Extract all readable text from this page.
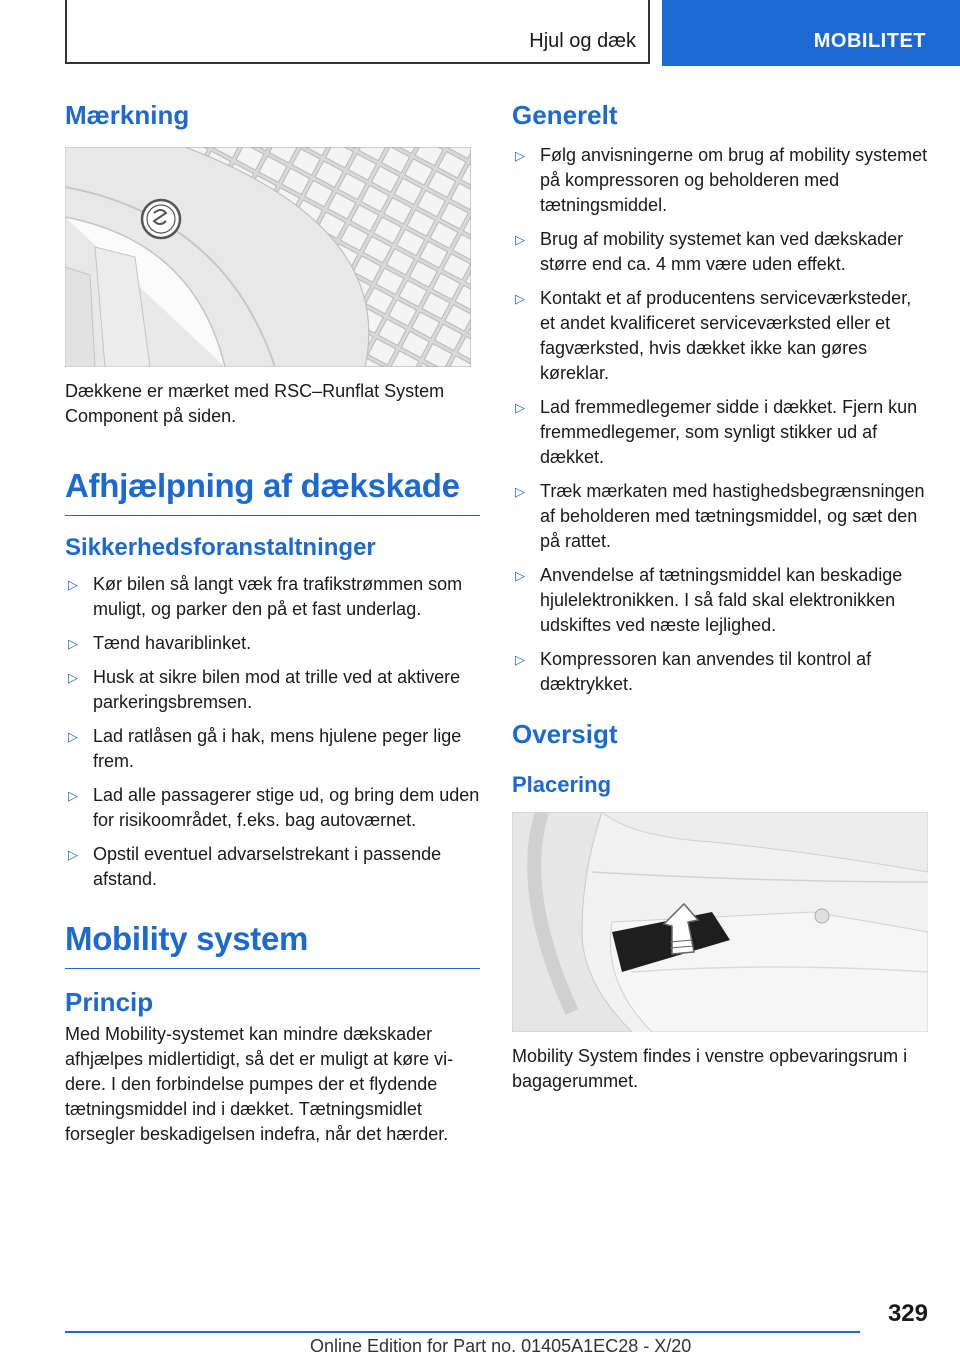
Hjul og dæk	MOBILITET
Mærkning

Dækkene er mærket med RSC–Runflat System Component på siden.

Afhjælpning af dækskade
Sikkerhedsforanstaltninger
▷ Kør bilen så langt væk fra trafikstrømmen som muligt, og parker den på et fast underlag.
▷ Tænd havariblinket.
▷ Husk at sikre bilen mod at trille ved at aktivere parkeringsbremsen.
▷ Lad ratlåsen gå i hak, mens hjulene peger lige frem.
▷ Lad alle passagerer stige ud, og bring dem uden for risikoområdet, f.eks. bag autoværnet.
▷ Opstil eventuel advarselstrekant i passende afstand.
Mobility system
Princip

Med Mobility-systemet kan mindre dækskader afhjælpes midlertidigt, så det er muligt at køre videre. I den forbindelse pumpes der et flydende tætningsmiddel ind i dækket. Tætningsmidlet forsegler beskadigelsen indefra, når det hærder.

Generelt
▷ Følg anvisningerne om brug af mobility systemet på kompressoren og beholderen med tætningsmiddel.
▷ Brug af mobility systemet kan ved dækskader større end ca. 4 mm være uden effekt.
▷ Kontakt et af producentens serviceværksteder, et andet kvalificeret serviceværksted eller et fagværksted, hvis dækket ikke kan gøres køreklar.
▷ Lad fremmedlegemer sidde i dækket. Fjern kun fremmedlegemer, som synligt stikker ud af dækket.
▷ Træk mærkaten med hastighedsbegrænsningen af beholderen med tætningsmiddel, og sæt den på rattet.
▷ Anvendelse af tætningsmiddel kan beskadige hjulelektronikken. I så fald skal elektronikken udskiftes ved næste lejlighed.
▷ Kompressoren kan anvendes til kontrol af dæktrykket.
Oversigt
Placering

Mobility System findes i venstre opbevaringsrum i bagagerummet.

329
Online Edition for Part no. 01405A1EC28 - X/20
